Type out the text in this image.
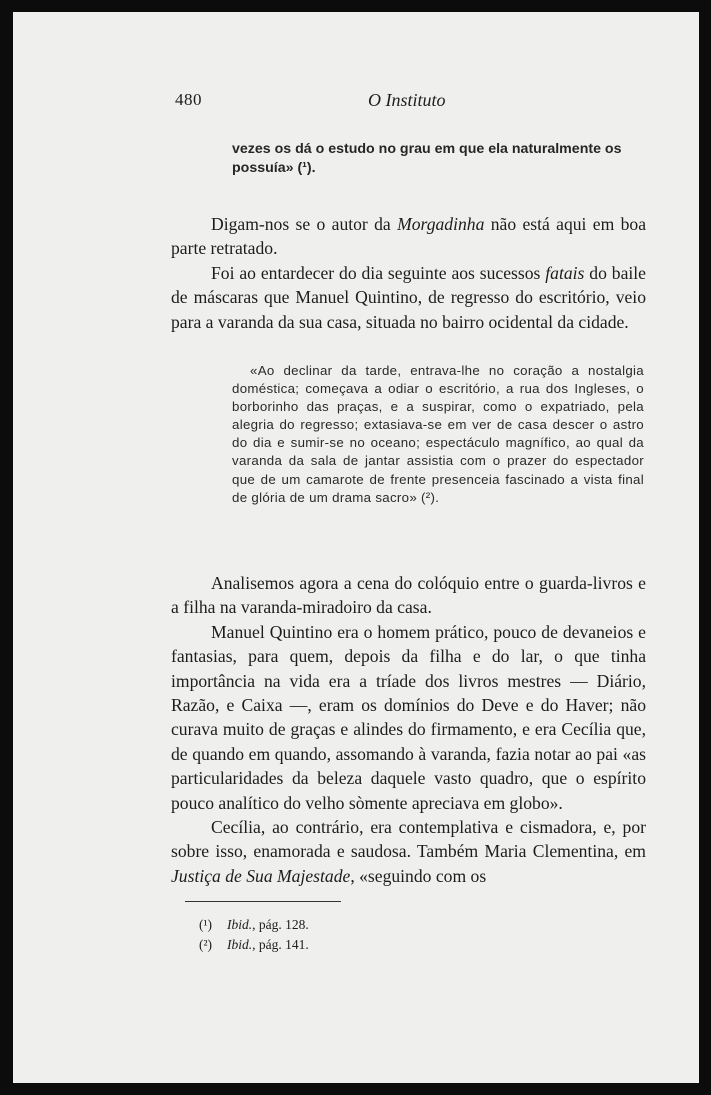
480	O Instituto
vezes os dá o estudo no grau em que ela naturalmente os possuía» (¹).

Digam-nos se o autor da Morgadinha não está aqui em boa parte retratado.

Foi ao entardecer do dia seguinte aos sucessos fatais do baile de máscaras que Manuel Quintino, de regresso do escritório, veio para a varanda da sua casa, situada no bairro ocidental da cidade.

«Ao declinar da tarde, entrava-lhe no coração a nostalgia doméstica; começava a odiar o escritório, a rua dos Ingleses, o borborinho das praças, e a suspirar, como o expatriado, pela alegria do regresso; extasiava-se em ver de casa descer o astro do dia e sumir-se no oceano; espectáculo magnífico, ao qual da varanda da sala de jantar assistia com o prazer do espectador que de um camarote de frente presenceia fascinado a vista final de glória de um drama sacro» (²).

Analisemos agora a cena do colóquio entre o guarda-livros e a filha na varanda-miradoiro da casa.

Manuel Quintino era o homem prático, pouco de devaneios e fantasias, para quem, depois da filha e do lar, o que tinha importância na vida era a tríade dos livros mestres — Diário, Razão, e Caixa —, eram os domínios do Deve e do Haver; não curava muito de graças e alindes do firmamento, e era Cecília que, de quando em quando, assomando à varanda, fazia notar ao pai «as particularidades da beleza daquele vasto quadro, que o espírito pouco analítico do velho sòmente apreciava em globo».

Cecília, ao contrário, era contemplativa e cismadora, e, por sobre isso, enamorada e saudosa. Também Maria Clementina, em Justiça de Sua Majestade, «seguindo com os

(¹) Ibid., pág. 128.
(²) Ibid., pág. 141.
